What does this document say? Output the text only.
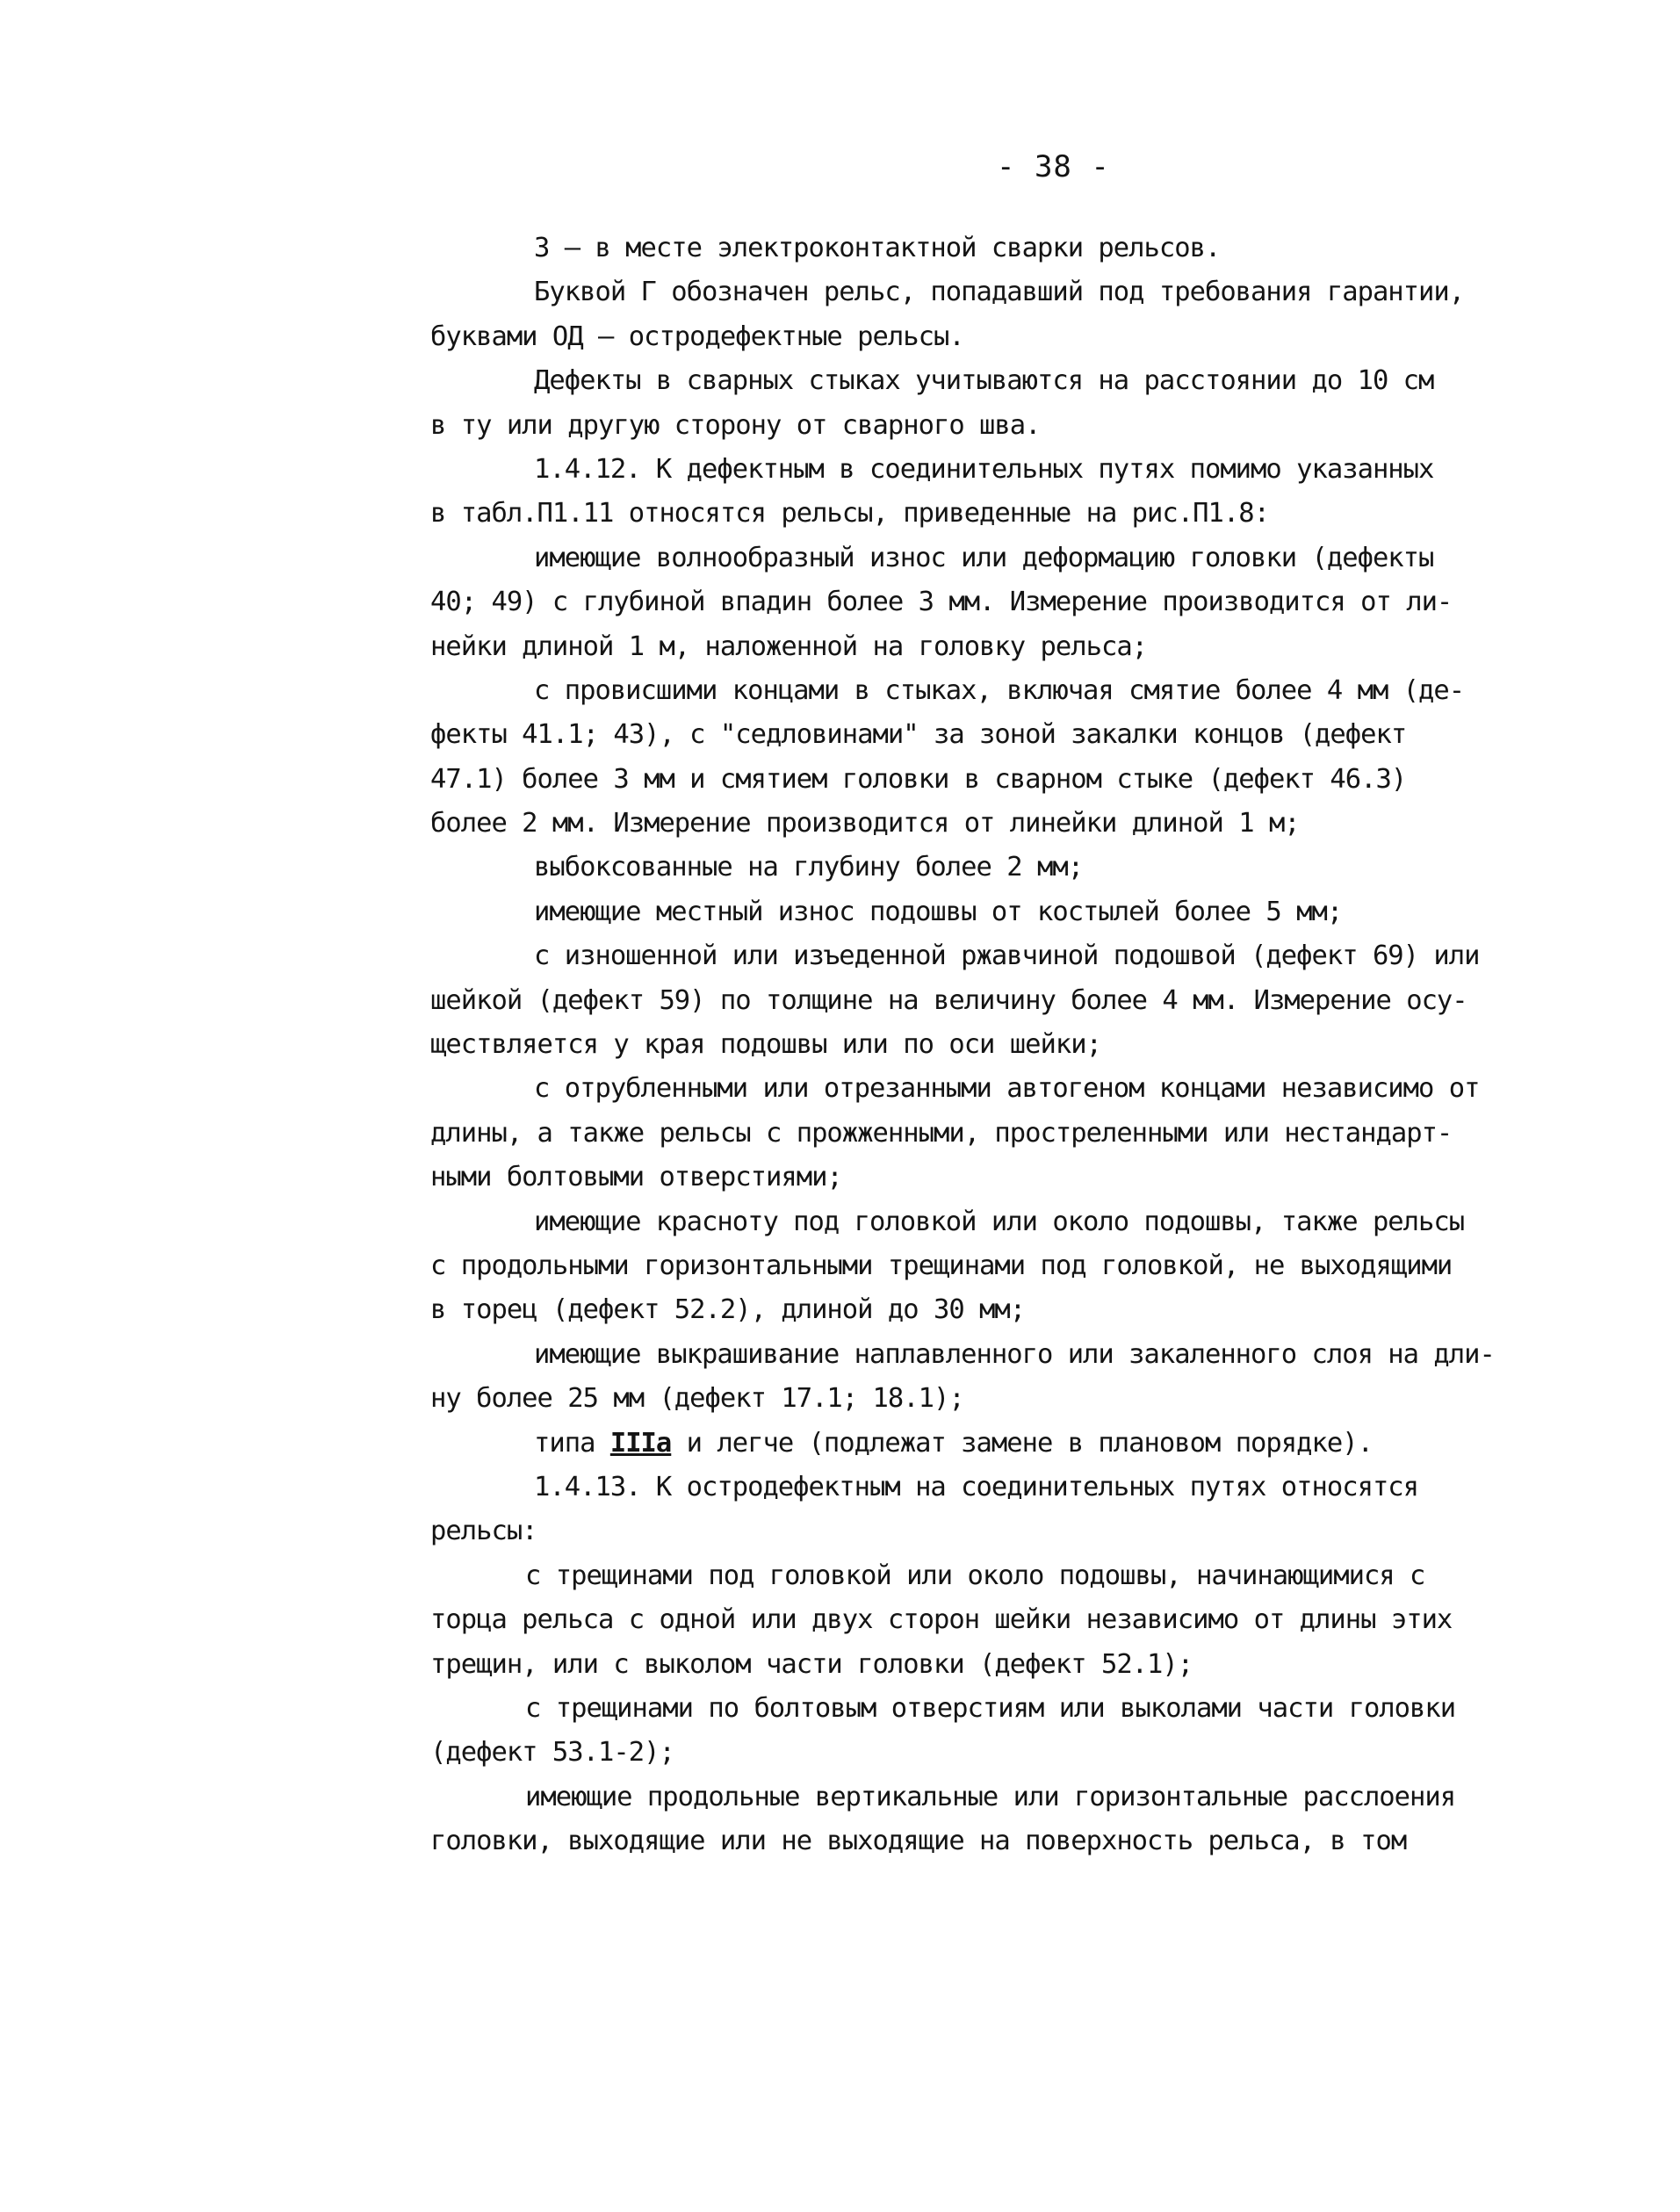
- 38 -
3 – в месте электроконтактной сварки рельсов.
Буквой Г обозначен рельс, попадавший под требования гарантии,
буквами ОД – остродефектные рельсы.
Дефекты в сварных стыках учитываются на расстоянии до 10 см
в ту или другую сторону от сварного шва.
1.4.12. К дефектным в соединительных путях помимо указанных
в табл.П1.11 относятся рельсы, приведенные на рис.П1.8:
имеющие волнообразный износ или деформацию головки (дефекты
40; 49) с глубиной впадин более 3 мм. Измерение производится от ли-
нейки длиной 1 м, наложенной на головку рельса;
с провисшими концами в стыках, включая смятие более 4 мм (де-
фекты 41.1; 43), с "седловинами" за зоной закалки концов (дефект
47.1) более 3 мм и смятием головки в сварном стыке (дефект 46.3)
более 2 мм. Измерение производится от линейки длиной 1 м;
выбоксованные на глубину более 2 мм;
имеющие местный износ подошвы от костылей более 5 мм;
с изношенной или изъеденной ржавчиной подошвой (дефект 69) или
шейкой (дефект 59) по толщине на величину более 4 мм. Измерение осу-
ществляется у края подошвы или по оси шейки;
с отрубленными или отрезанными автогеном концами независимо от
длины, а также рельсы с прожженными, простреленными или нестандарт-
ными болтовыми отверстиями;
имеющие красноту под головкой или около подошвы, также рельсы
с продольными горизонтальными трещинами под головкой, не выходящими
в торец (дефект 52.2), длиной до 30 мм;
имеющие выкрашивание наплавленного или закаленного слоя на дли-
ну более 25 мм (дефект 17.1; 18.1);
типа IIIа и легче (подлежат замене в плановом порядке).
1.4.13. К остродефектным на соединительных путях относятся
рельсы:
с трещинами под головкой или около подошвы, начинающимися с
торца рельса с одной или двух сторон шейки независимо от длины этих
трещин, или с выколом части головки (дефект 52.1);
с трещинами по болтовым отверстиям или выколами части головки
(дефект 53.1-2);
имеющие продольные вертикальные или горизонтальные расслоения
головки, выходящие или не выходящие на поверхность рельса, в том
